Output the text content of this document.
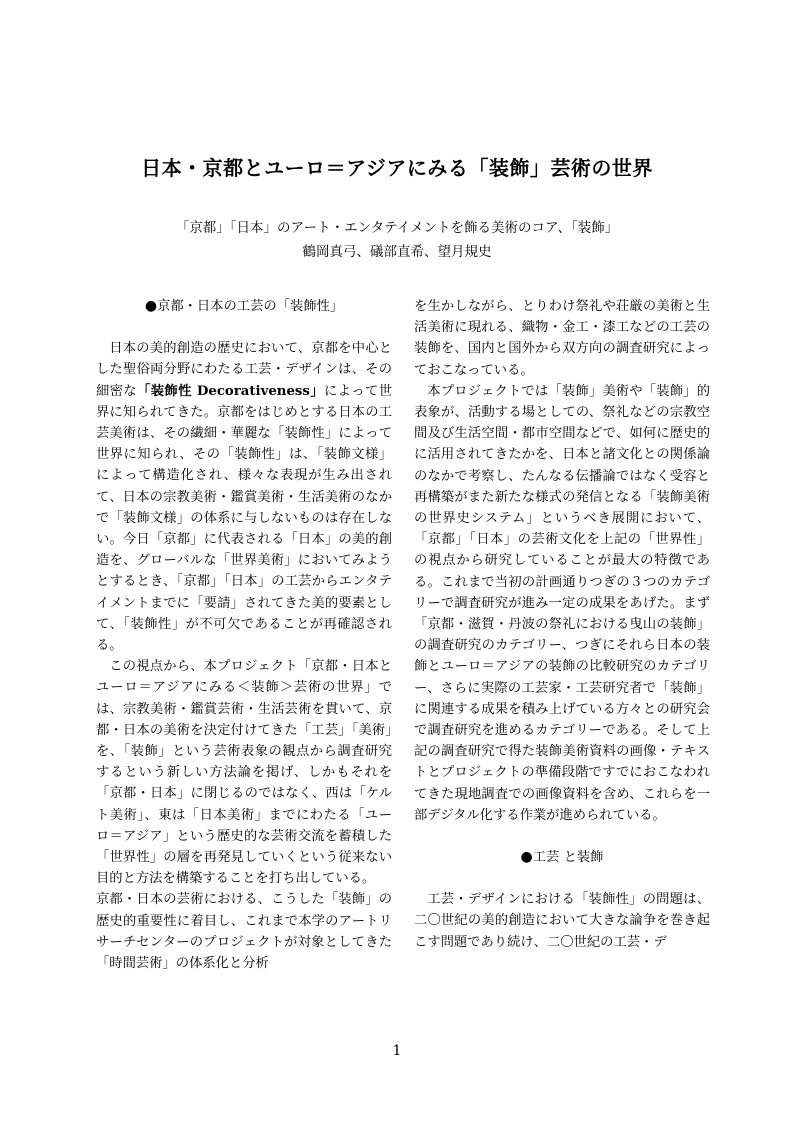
日本・京都とユーロ＝アジアにみる「装飾」芸術の世界
「京都」「日本」のアート・エンタテイメントを飾る美術のコア、「装飾」
鶴岡真弓、礒部直希、望月規史

●京都・日本の工芸の「装飾性」

日本の美的創造の歴史において、京都を中心とした聖俗両分野にわたる工芸・デザインは、その細密な「装飾性 Decorativeness」によって世界に知られてきた。京都をはじめとする日本の工芸美術は、その繊細・華麗な「装飾性」によって世界に知られ、その「装飾性」は、「装飾文様」によって構造化され、様々な表現が生み出されて、日本の宗教美術・鑑賞美術・生活美術のなかで「装飾文様」の体系に与しないものは存在しない。今日「京都」に代表される「日本」の美的創造を、グローバルな「世界美術」においてみようとするとき、「京都」「日本」の工芸からエンタテイメントまでに「要請」されてきた美的要素として、「装飾性」が不可欠であることが再確認される。

この視点から、本プロジェクト「京都・日本とユーロ＝アジアにみる＜装飾＞芸術の世界」では、宗教美術・鑑賞芸術・生活芸術を貫いて、京都・日本の美術を決定付けてきた「工芸」「美術」を、「装飾」という芸術表象の観点から調査研究するという新しい方法論を掲げ、しかもそれを「京都・日本」に閉じるのではなく、西は「ケルト美術」、東は「日本美術」までにわたる「ユーロ＝アジア」という歴史的な芸術交流を蓄積した「世界性」の層を再発見していくという従来ない目的と方法を構築することを打ち出している。

京都・日本の芸術における、こうした「装飾」の歴史的重要性に着目し、これまで本学のアートリサーチセンターのプロジェクトが対象としてきた「時間芸術」の体系化と分析

を生かしながら、とりわけ祭礼や荘厳の美術と生活美術に現れる、織物・金工・漆工などの工芸の装飾を、国内と国外から双方向の調査研究によっておこなっている。

本プロジェクトでは「装飾」美術や「装飾」的表象が、活動する場としての、祭礼などの宗教空間及び生活空間・都市空間などで、如何に歴史的に活用されてきたかを、日本と諸文化との関係論のなかで考察し、たんなる伝播論ではなく受容と再構築がまた新たな様式の発信となる「装飾美術の世界史システム」というべき展開において、「京都」「日本」の芸術文化を上記の「世界性」の視点から研究していることが最大の特徴である。これまで当初の計画通りつぎの３つのカテゴリーで調査研究が進み一定の成果をあげた。まず「京都・滋賀・丹波の祭礼における曳山の装飾」の調査研究のカテゴリー、つぎにそれら日本の装飾とユーロ＝アジアの装飾の比較研究のカテゴリー、さらに実際の工芸家・工芸研究者で「装飾」に関連する成果を積み上げている方々との研究会で調査研究を進めるカテゴリーである。そして上記の調査研究で得た装飾美術資料の画像・テキストとプロジェクトの準備段階ですでにおこなわれてきた現地調査での画像資料を含め、これらを一部デジタル化する作業が進められている。

●工芸 と装飾

工芸・デザインにおける「装飾性」の問題は、二〇世紀の美的創造において大きな論争を巻き起こす問題であり続け、二〇世紀の工芸・デ

1
